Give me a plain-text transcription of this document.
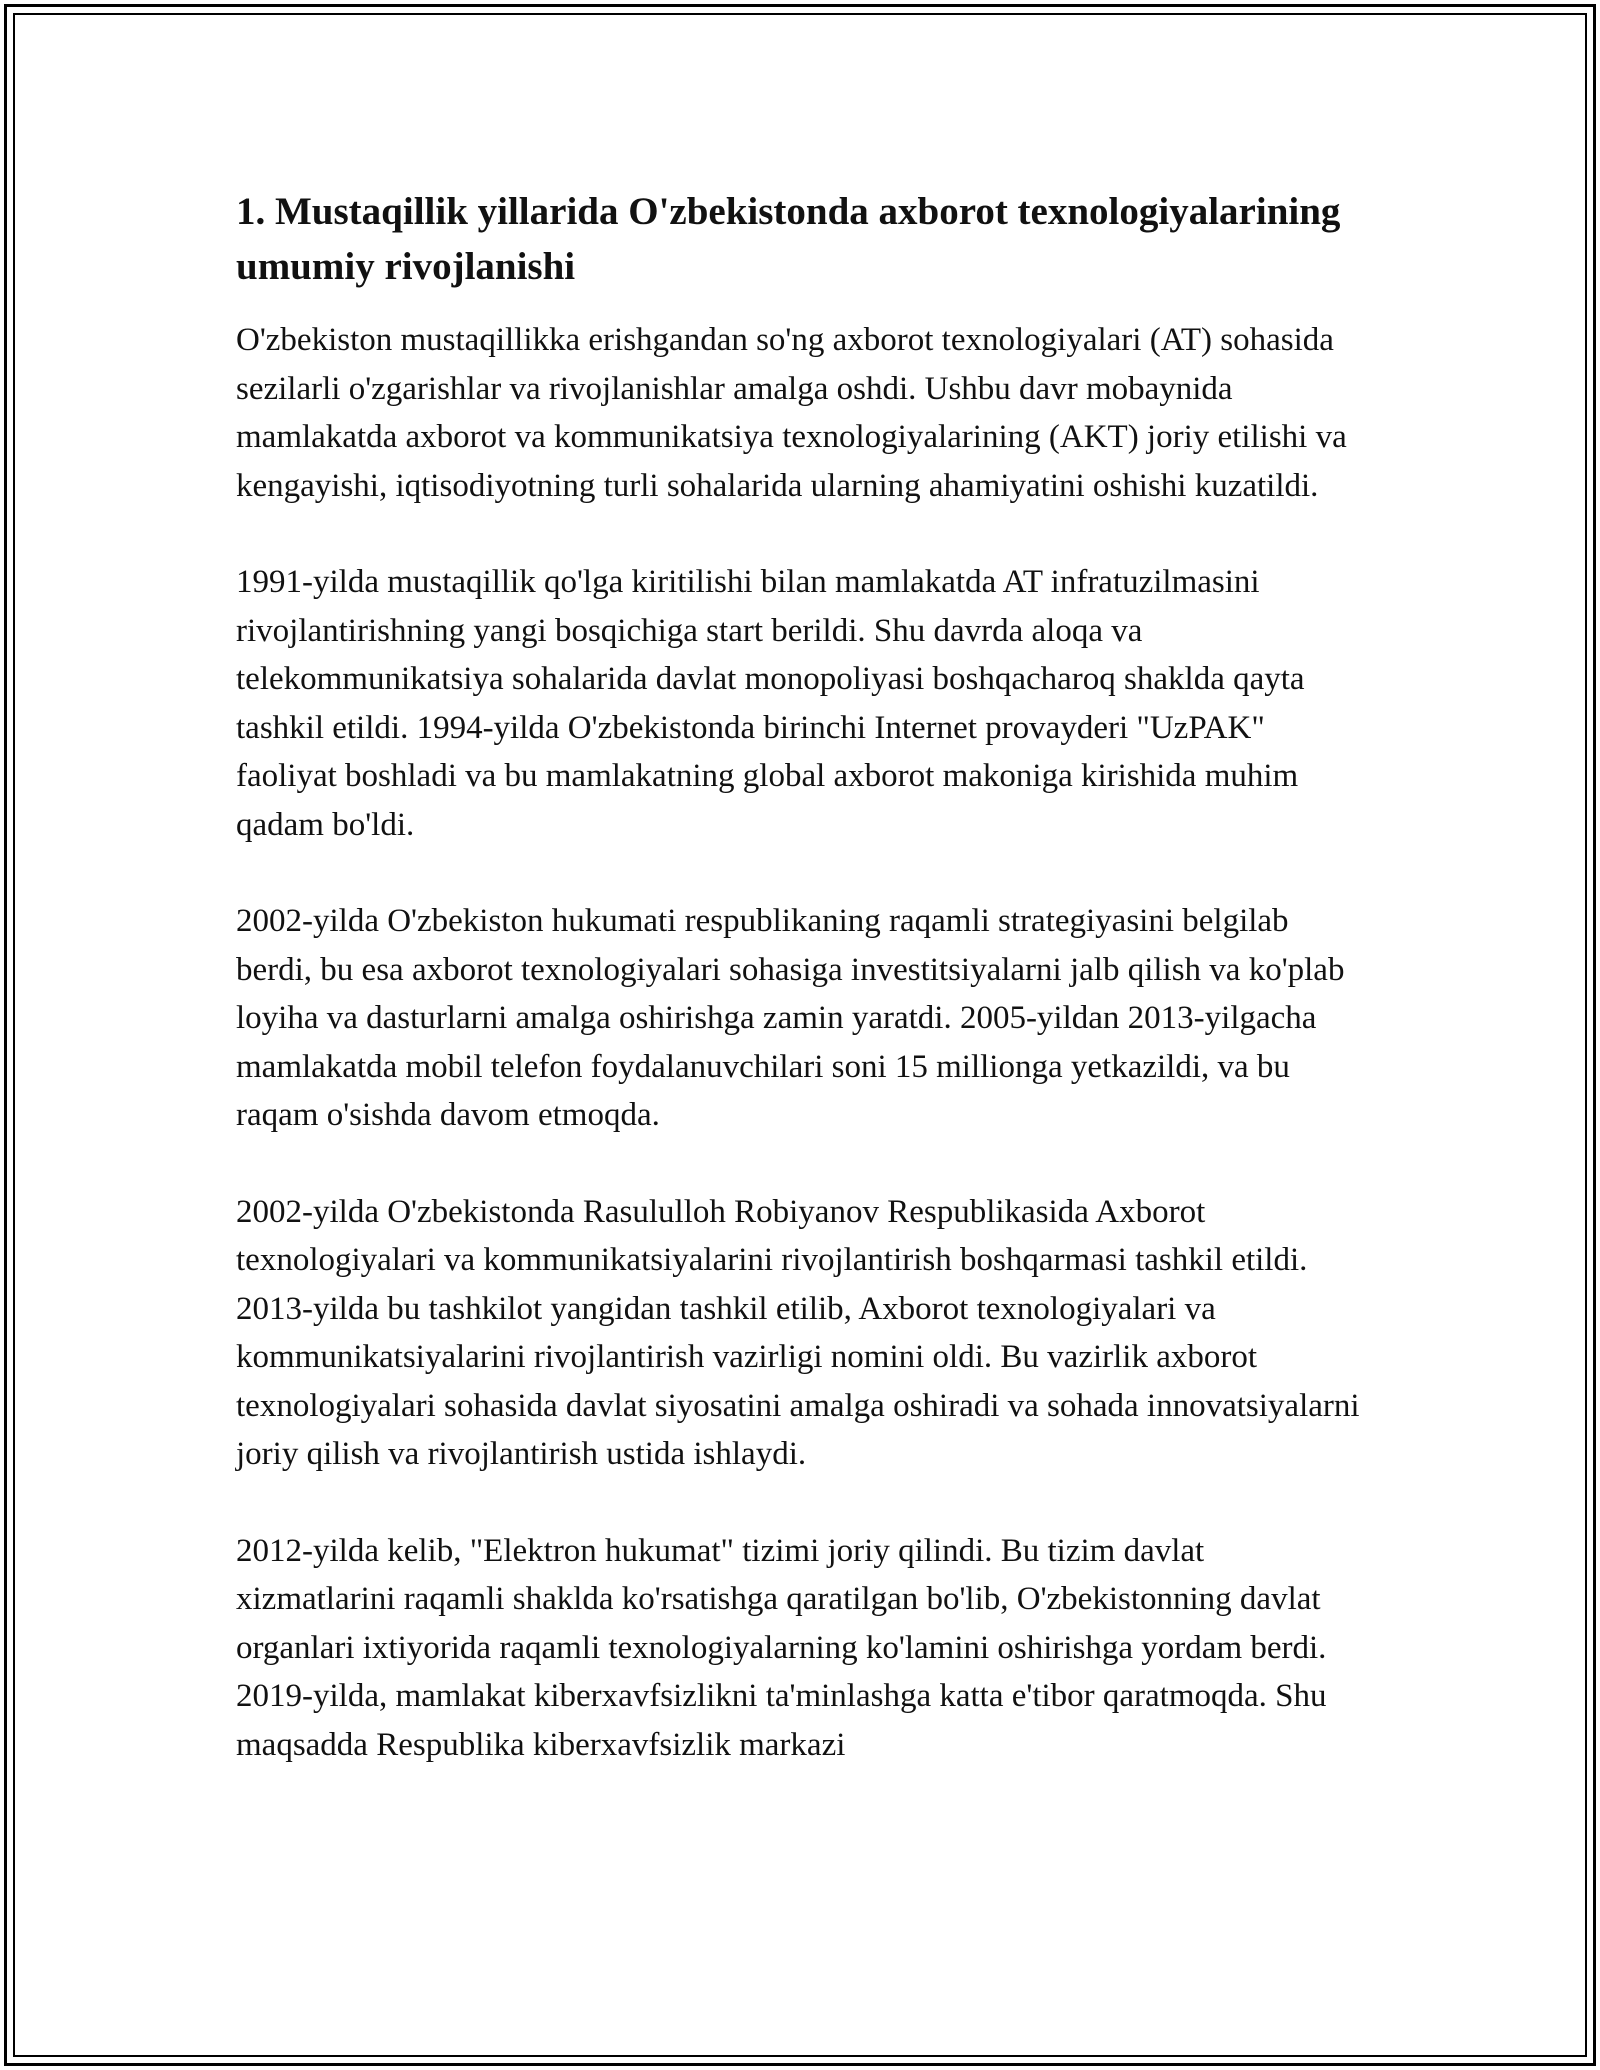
1. Mustaqillik yillarida O'zbekistonda axborot texnologiyalarining umumiy rivojlanishi

O'zbekiston mustaqillikka erishgandan so'ng axborot texnologiyalari (AT) sohasida sezilarli o'zgarishlar va rivojlanishlar amalga oshdi. Ushbu davr mobaynida mamlakatda axborot va kommunikatsiya texnologiyalarining (AKT) joriy etilishi va kengayishi, iqtisodiyotning turli sohalarida ularning ahamiyatini oshishi kuzatildi.

1991-yilda mustaqillik qo'lga kiritilishi bilan mamlakatda AT infratuzilmasini rivojlantirishning yangi bosqichiga start berildi. Shu davrda aloqa va telekommunikatsiya sohalarida davlat monopoliyasi boshqacharoq shaklda qayta tashkil etildi. 1994-yilda O'zbekistonda birinchi Internet provayderi "UzPAK" faoliyat boshladi va bu mamlakatning global axborot makoniga kirishida muhim qadam bo'ldi.

2002-yilda O'zbekiston hukumati respublikaning raqamli strategiyasini belgilab berdi, bu esa axborot texnologiyalari sohasiga investitsiyalarni jalb qilish va ko'plab loyiha va dasturlarni amalga oshirishga zamin yaratdi. 2005-yildan 2013-yilgacha mamlakatda mobil telefon foydalanuvchilari soni 15 millionga yetkazildi, va bu raqam o'sishda davom etmoqda.

2002-yilda O'zbekistonda Rasululloh Robiyanov Respublikasida Axborot texnologiyalari va kommunikatsiyalarini rivojlantirish boshqarmasi tashkil etildi. 2013-yilda bu tashkilot yangidan tashkil etilib, Axborot texnologiyalari va kommunikatsiyalarini rivojlantirish vazirligi nomini oldi. Bu vazirlik axborot texnologiyalari sohasida davlat siyosatini amalga oshiradi va sohada innovatsiyalarni joriy qilish va rivojlantirish ustida ishlaydi.

2012-yilda kelib, "Elektron hukumat" tizimi joriy qilindi. Bu tizim davlat xizmatlarini raqamli shaklda ko'rsatishga qaratilgan bo'lib, O'zbekistonning davlat organlari ixtiyorida raqamli texnologiyalarning ko'lamini oshirishga yordam berdi. 2019-yilda, mamlakat kiberxavfsizlikni ta'minlashga katta e'tibor qaratmoqda. Shu maqsadda Respublika kiberxavfsizlik markazi
